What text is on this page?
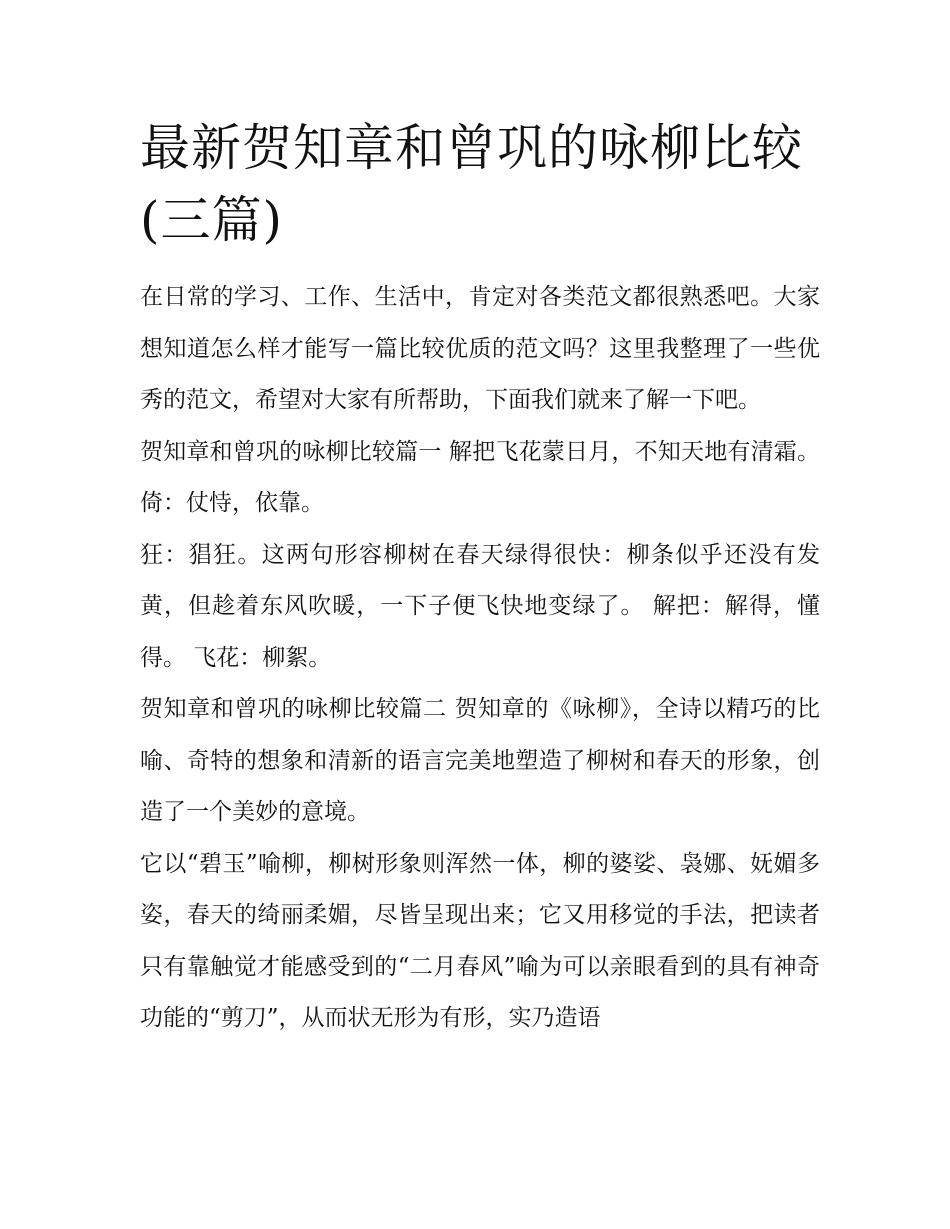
最新贺知章和曾巩的咏柳比较(三篇)

在日常的学习、工作、生活中，肯定对各类范文都很熟悉吧。大家想知道怎么样才能写一篇比较优质的范文吗？这里我整理了一些优秀的范文，希望对大家有所帮助，下面我们就来了解一下吧。

贺知章和曾巩的咏柳比较篇一 解把飞花蒙日月，不知天地有清霜。 倚：仗恃，依靠。

狂：猖狂。这两句形容柳树在春天绿得很快：柳条似乎还没有发黄，但趁着东风吹暖，一下子便飞快地变绿了。 解把：解得，懂得。 飞花：柳絮。

贺知章和曾巩的咏柳比较篇二 贺知章的《咏柳》，全诗以精巧的比喻、奇特的想象和清新的语言完美地塑造了柳树和春天的形象，创造了一个美妙的意境。

它以“碧玉”喻柳，柳树形象则浑然一体，柳的婆娑、袅娜、妩媚多姿，春天的绮丽柔媚，尽皆呈现出来；它又用移觉的手法，把读者只有靠触觉才能感受到的“二月春风”喻为可以亲眼看到的具有神奇功能的“剪刀”，从而状无形为有形，实乃造语
